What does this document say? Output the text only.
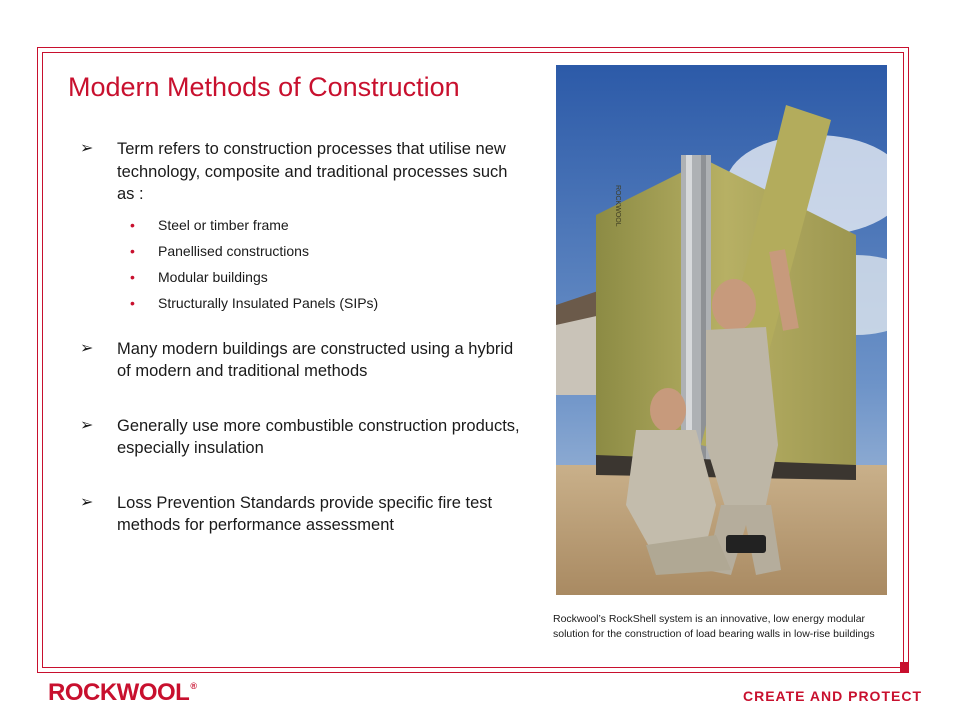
Modern Methods of Construction
➢ Term refers to construction processes that utilise new technology, composite and traditional processes such as :
• Steel or timber frame
• Panellised constructions
• Modular buildings
• Structurally Insulated Panels (SIPs)
➢ Many modern buildings are constructed using a hybrid of modern and traditional methods
➢ Generally use more combustible construction products, especially insulation
➢ Loss Prevention Standards provide specific fire test methods for performance assessment
ROCKWOOL
Rockwool’s RockShell system is an innovative, low energy modular solution for the construction of load bearing walls in low-rise buildings
ROCKWOOL ®
CREATE AND PROTECT
